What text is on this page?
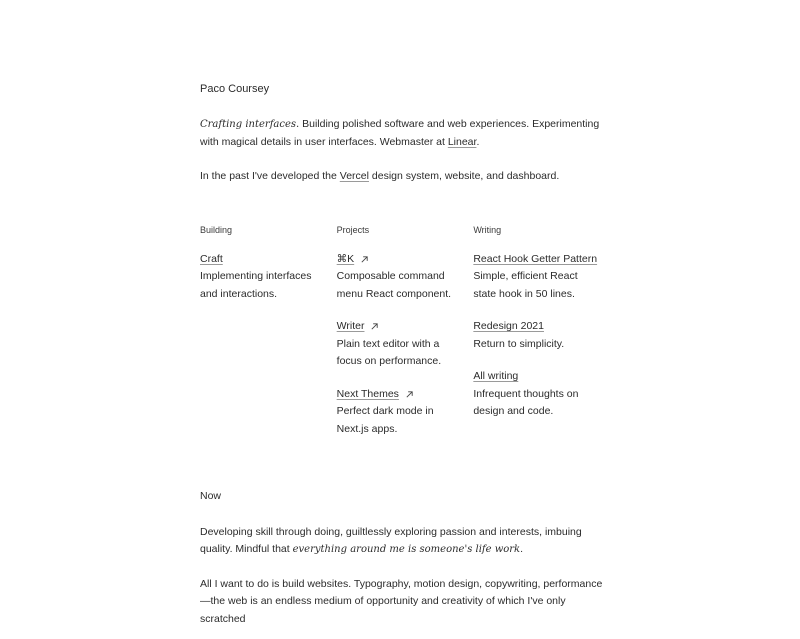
Paco Coursey

Crafting interfaces. Building polished software and web experiences. Experimenting with magical details in user interfaces. Webmaster at Linear.

In the past I've developed the Vercel design system, website, and dashboard.

Building

Craft

Implementing interfaces and interactions.

Projects

⌘K

Composable command menu React component.

Writer

Plain text editor with a focus on performance.

Next Themes

Perfect dark mode in Next.js apps.

Writing

React Hook Getter Pattern

Simple, efficient React state hook in 50 lines.

Redesign 2021

Return to simplicity.

All writing

Infrequent thoughts on design and code.

Now

Developing skill through doing, guiltlessly exploring passion and interests, imbuing quality. Mindful that everything around me is someone's life work.

All I want to do is build websites. Typography, motion design, copywriting, performance—the web is an endless medium of opportunity and creativity of which I've only scratched
